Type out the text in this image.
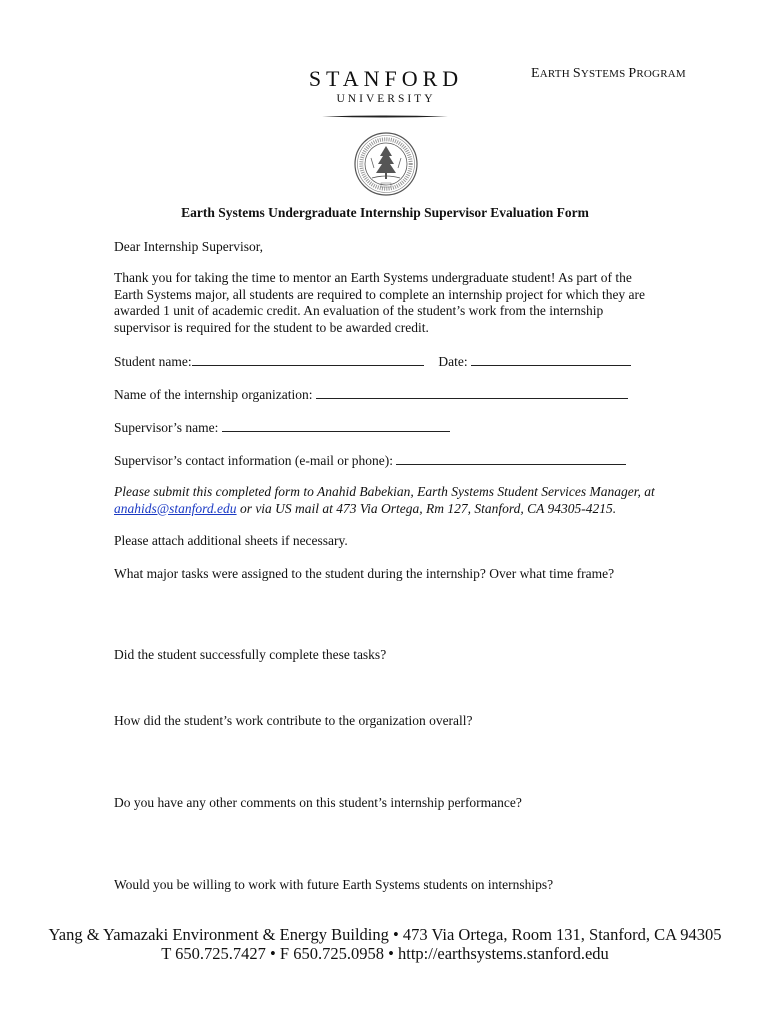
EARTH SYSTEMS PROGRAM
STANFORD
UNIVERSITY
Earth Systems Undergraduate Internship Supervisor Evaluation Form
Dear Internship Supervisor,
Thank you for taking the time to mentor an Earth Systems undergraduate student! As part of the Earth Systems major, all students are required to complete an internship project for which they are awarded 1 unit of academic credit. An evaluation of the student’s work from the internship supervisor is required for the student to be awarded credit.
Student name:	Date:
Name of the internship organization:
Supervisor’s name:
Supervisor’s contact information (e-mail or phone):
Please submit this completed form to Anahid Babekian, Earth Systems Student Services Manager, at anahids@stanford.edu or via US mail at 473 Via Ortega, Rm 127, Stanford, CA 94305-4215.
Please attach additional sheets if necessary.
What major tasks were assigned to the student during the internship? Over what time frame?
Did the student successfully complete these tasks?
How did the student’s work contribute to the organization overall?
Do you have any other comments on this student’s internship performance?
Would you be willing to work with future Earth Systems students on internships?
Yang & Yamazaki Environment & Energy Building • 473 Via Ortega, Room 131, Stanford, CA 94305
T 650.725.7427 • F 650.725.0958 • http://earthsystems.stanford.edu
